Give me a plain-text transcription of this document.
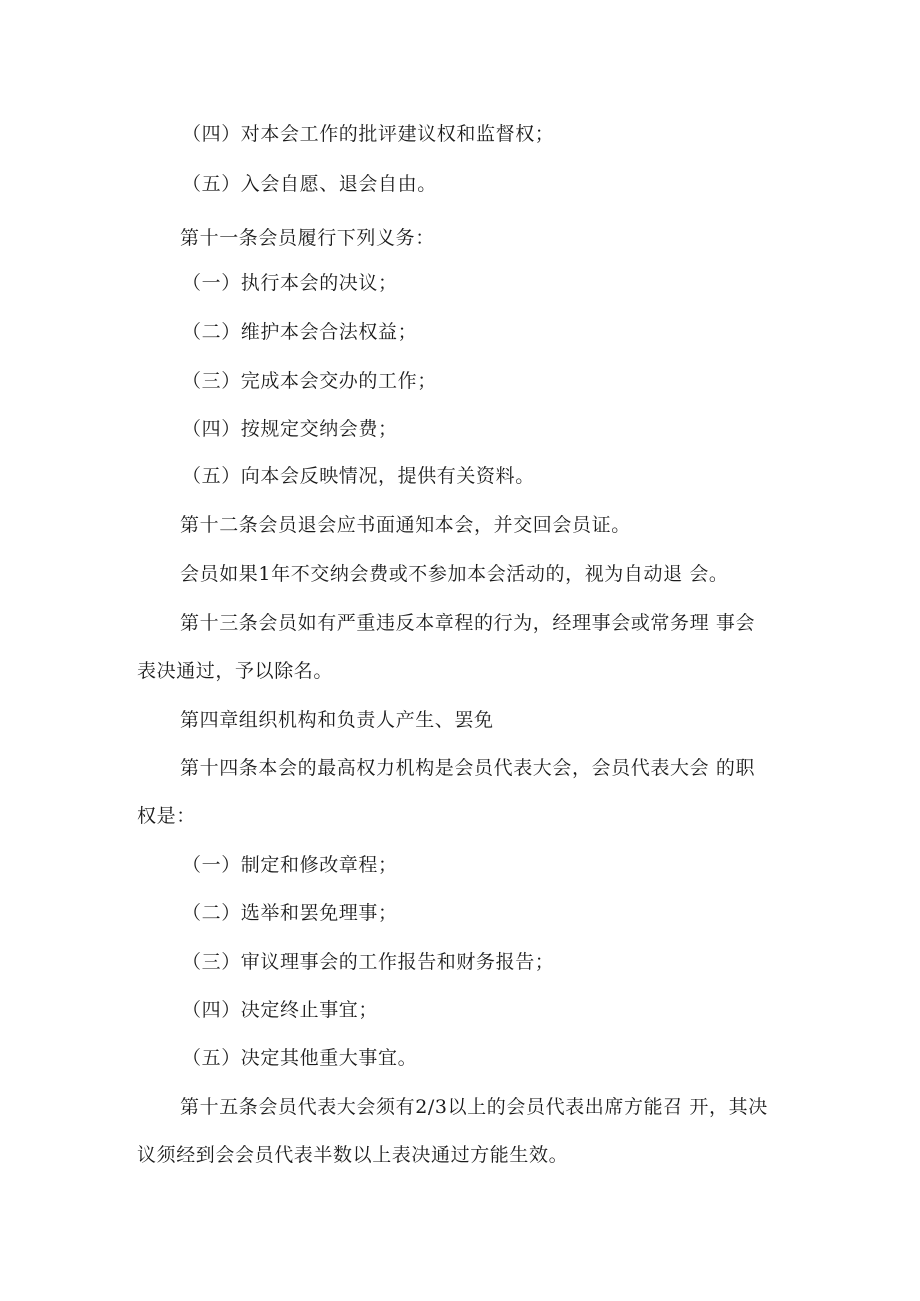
（四）对本会工作的批评建议权和监督权；
（五）入会自愿、退会自由。
第十一条会员履行下列义务：
（一）执行本会的决议；
（二）维护本会合法权益；
（三）完成本会交办的工作；
（四）按规定交纳会费；
（五）向本会反映情况，提供有关资料。
第十二条会员退会应书面通知本会，并交回会员证。
会员如果1年不交纳会费或不参加本会活动的，视为自动退 会。
第十三条会员如有严重违反本章程的行为，经理事会或常务理 事会
表决通过，予以除名。
第四章组织机构和负责人产生、罢免
第十四条本会的最高权力机构是会员代表大会，会员代表大会 的职
权是：
（一）制定和修改章程；
（二）选举和罢免理事；
（三）审议理事会的工作报告和财务报告；
（四）决定终止事宜；
（五）决定其他重大事宜。
第十五条会员代表大会须有2/3以上的会员代表出席方能召 开，其决
议须经到会会员代表半数以上表决通过方能生效。
